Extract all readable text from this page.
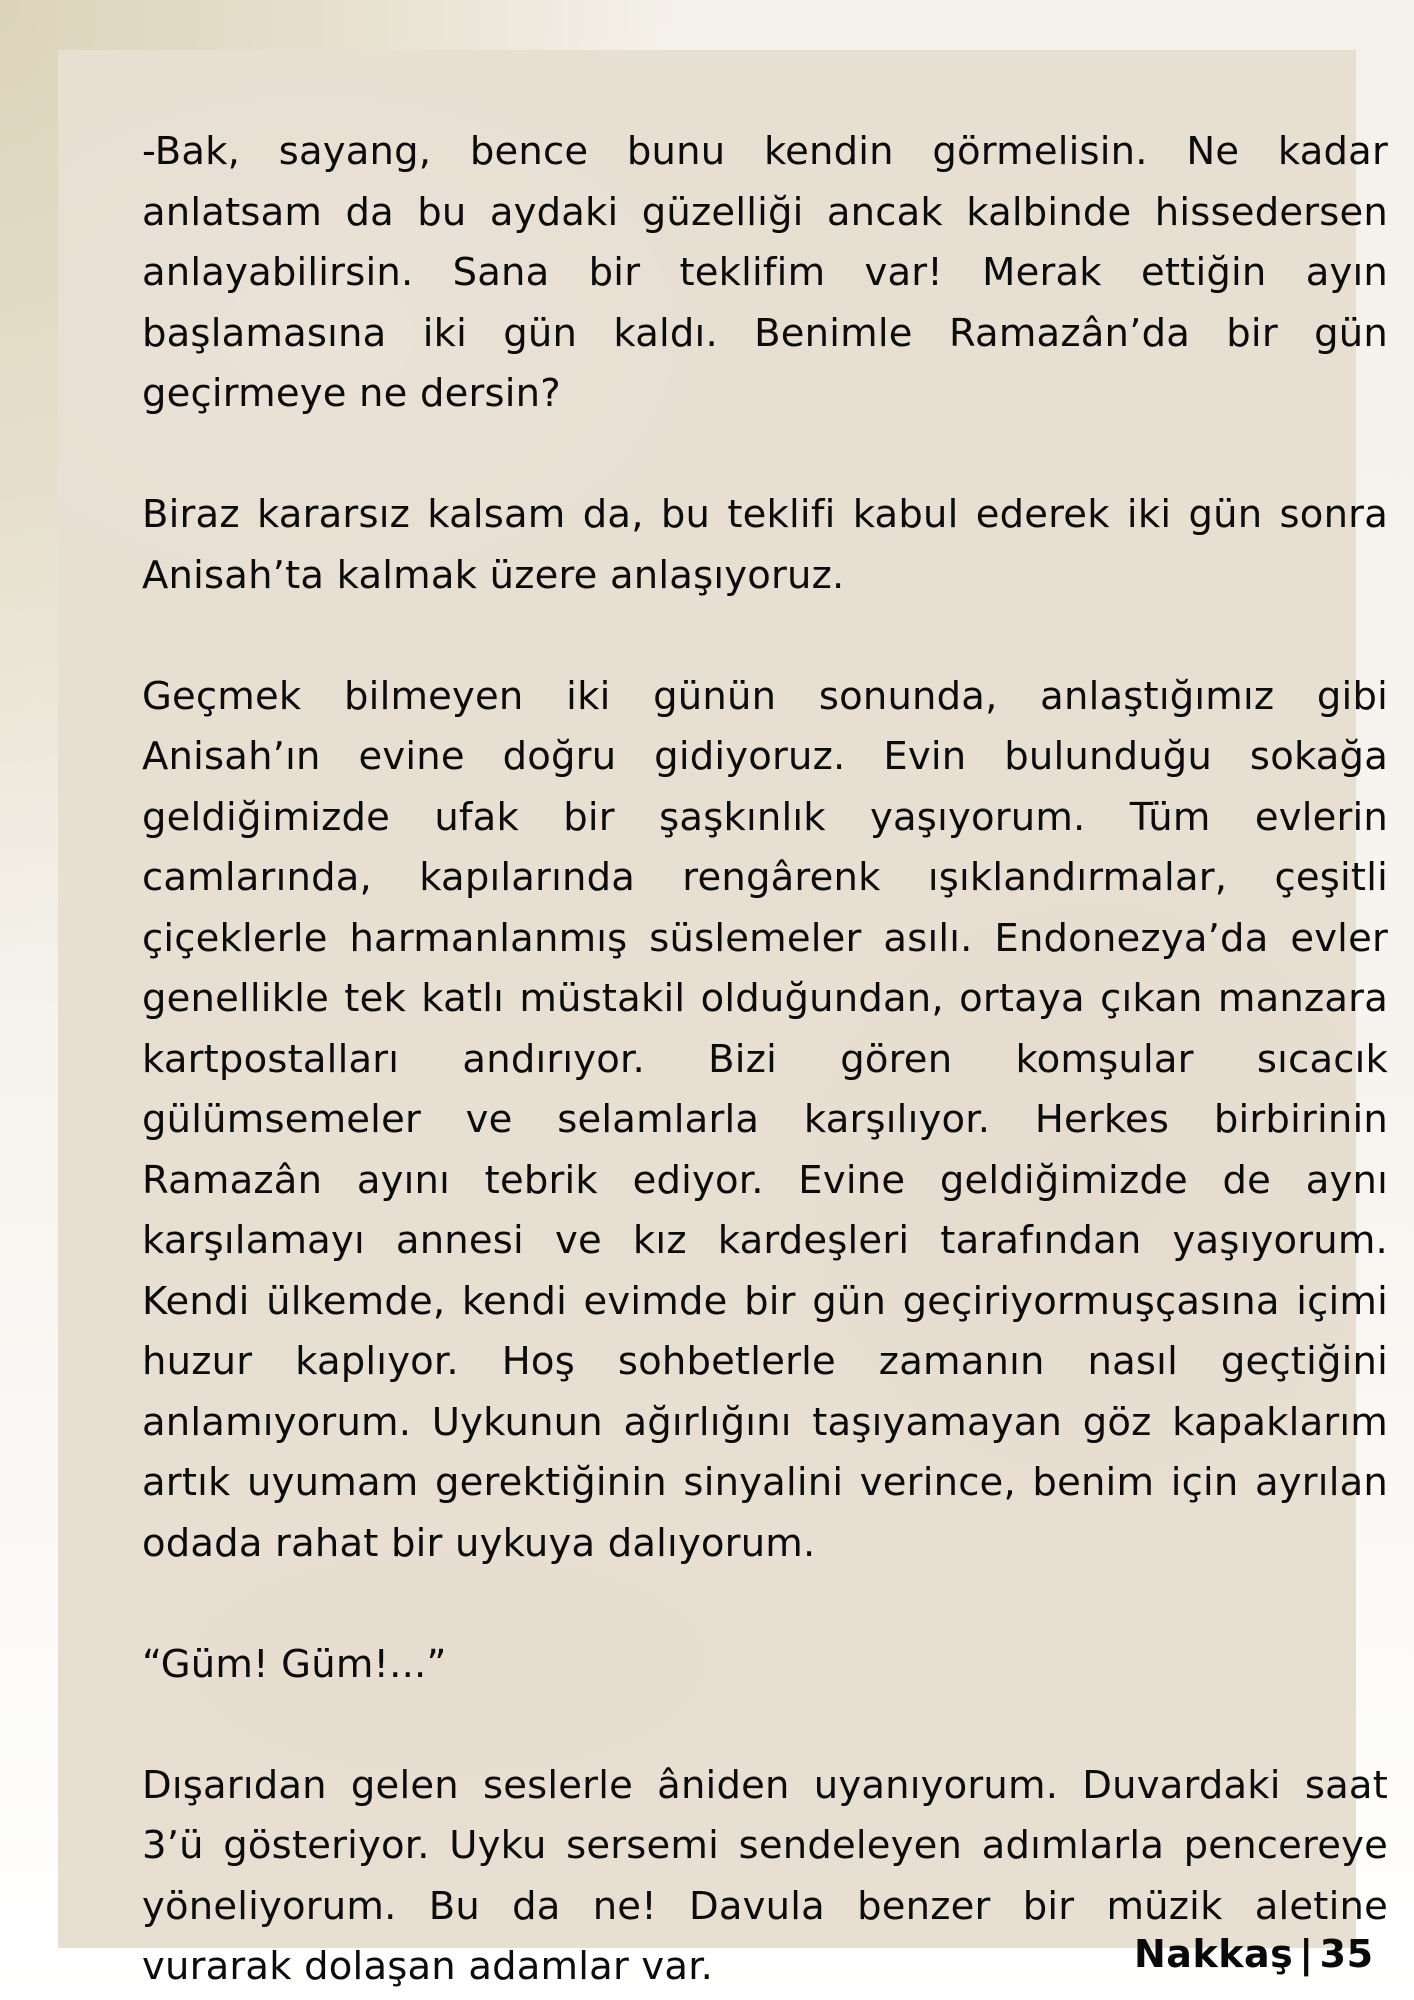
-Bak, sayang, bence bunu kendin görmelisin. Ne kadar anlatsam da bu aydaki güzelliği ancak kalbinde hissedersen anlayabilirsin. Sana bir teklifim var! Merak ettiğin ayın başlamasına iki gün kaldı. Benimle Ramazân’da bir gün geçirmeye ne dersin?

Biraz kararsız kalsam da, bu teklifi kabul ederek iki gün sonra Anisah’ta kalmak üzere anlaşıyoruz.

Geçmek bilmeyen iki günün sonunda, anlaştığımız gibi Anisah’ın evine doğru gidiyoruz. Evin bulunduğu sokağa geldiğimizde ufak bir şaşkınlık yaşıyorum. Tüm evlerin camlarında, kapılarında rengârenk ışıklandırmalar, çeşitli çiçeklerle harmanlanmış süslemeler asılı. Endonezya’da evler genellikle tek katlı müstakil olduğundan, ortaya çıkan manzara kartpostalları andırıyor. Bizi gören komşular sıcacık gülümsemeler ve selamlarla karşılıyor. Herkes birbirinin Ramazân ayını tebrik ediyor. Evine geldiğimizde de aynı karşılamayı annesi ve kız kardeşleri tarafından yaşıyorum. Kendi ülkemde, kendi evimde bir gün geçiriyormuşçasına içimi huzur kaplıyor. Hoş sohbetlerle zamanın nasıl geçtiğini anlamıyorum. Uykunun ağırlığını taşıyamayan göz kapaklarım artık uyumam gerektiğinin sinyalini verince, benim için ayrılan odada rahat bir uykuya dalıyorum.

“Güm! Güm!...”

Dışarıdan gelen seslerle âniden uyanıyorum. Duvardaki saat 3’ü gösteriyor. Uyku sersemi sendeleyen adımlarla pencereye yöneliyorum. Bu da ne! Davula benzer bir müzik aletine vurarak dolaşan adamlar var.	Nakkaş | 35
